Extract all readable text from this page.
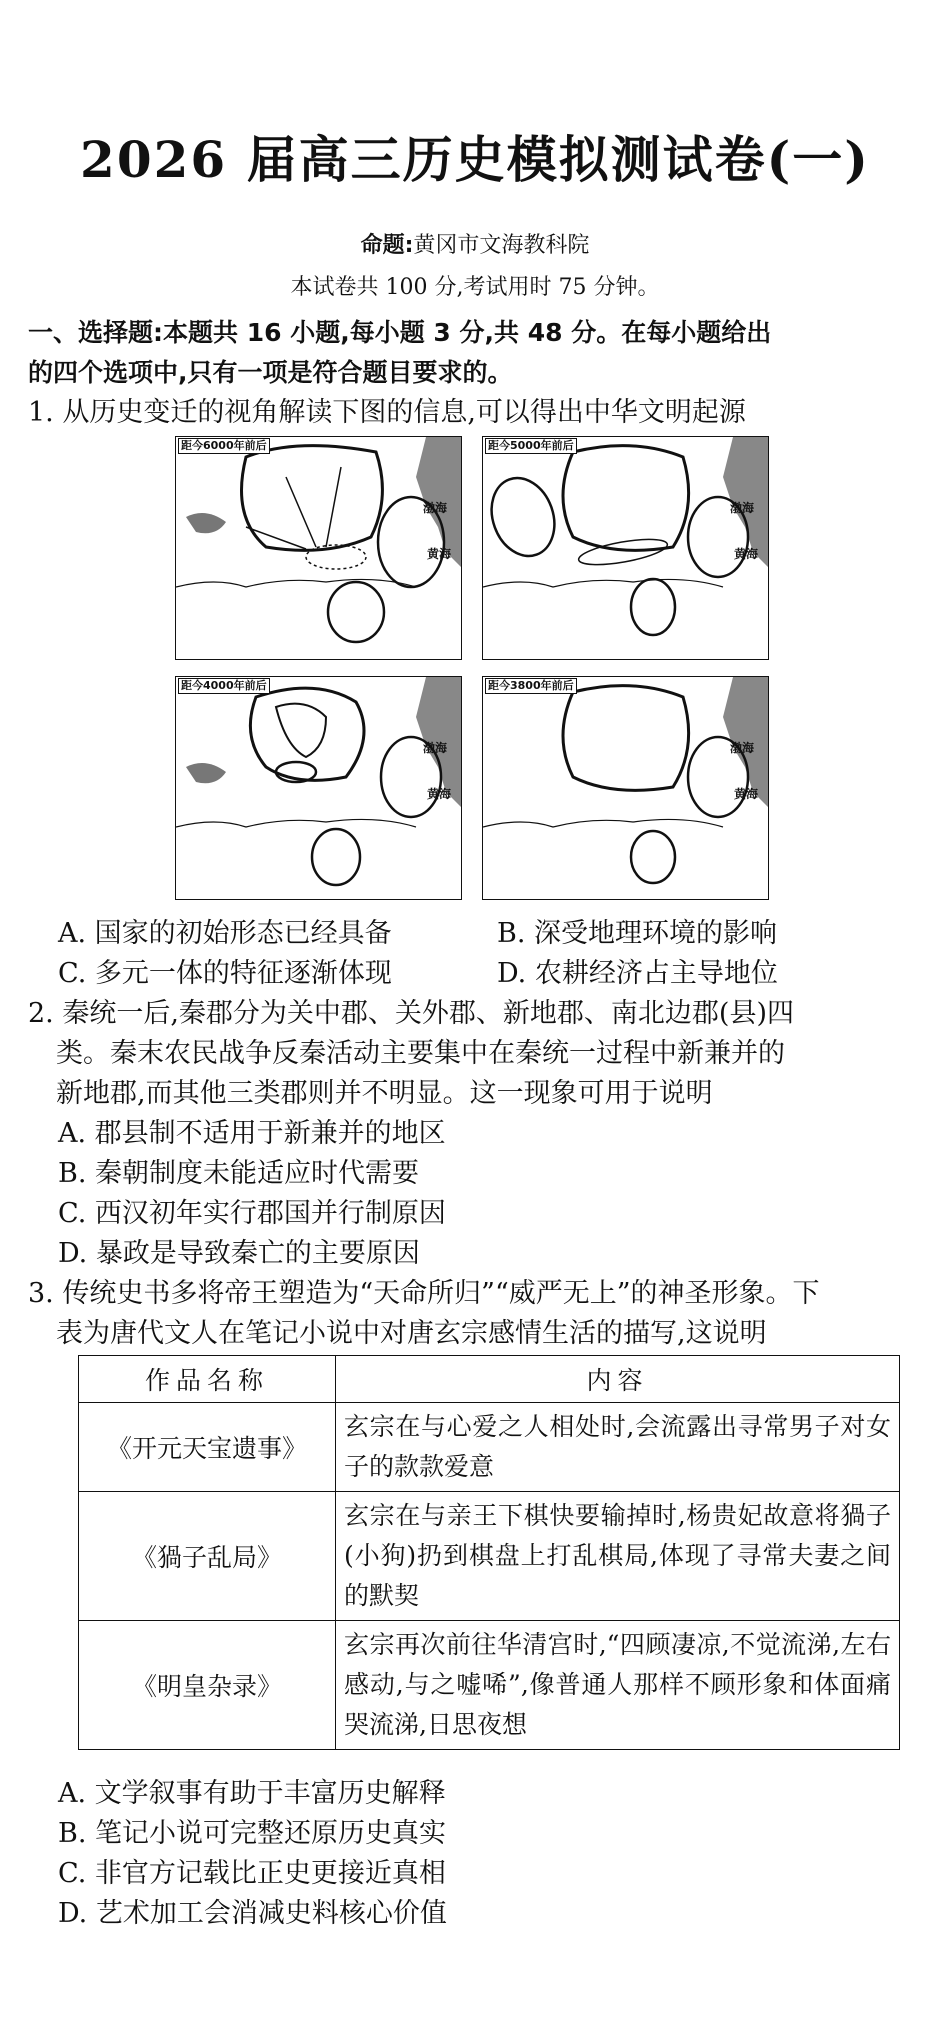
2026 届高三历史模拟测试卷(一)
命题:黄冈市文海教科院
本试卷共 100 分,考试用时 75 分钟。
一、选择题:本题共 16 小题,每小题 3 分,共 48 分。在每小题给出
的四个选项中,只有一项是符合题目要求的。
1. 从历史变迁的视角解读下图的信息,可以得出中华文明起源
距今6000年前后
渤海
黄海
距今5000年前后
渤海
黄海
距今4000年前后
渤海
黄海
距今3800年前后
渤海
黄海
A. 国家的初始形态已经具备	B. 深受地理环境的影响
C. 多元一体的特征逐渐体现	D. 农耕经济占主导地位
2. 秦统一后,秦郡分为关中郡、关外郡、新地郡、南北边郡(县)四
类。秦末农民战争反秦活动主要集中在秦统一过程中新兼并的
新地郡,而其他三类郡则并不明显。这一现象可用于说明
A. 郡县制不适用于新兼并的地区
B. 秦朝制度未能适应时代需要
C. 西汉初年实行郡国并行制原因
D. 暴政是导致秦亡的主要原因
3. 传统史书多将帝王塑造为“天命所归”“威严无上”的神圣形象。下
表为唐代文人在笔记小说中对唐玄宗感情生活的描写,这说明
作品名称	内容
《开元天宝遗事》	玄宗在与心爱之人相处时,会流露出寻常男子对女子的款款爱意
《猧子乱局》	玄宗在与亲王下棋快要输掉时,杨贵妃故意将猧子(小狗)扔到棋盘上打乱棋局,体现了寻常夫妻之间的默契
《明皇杂录》	玄宗再次前往华清宫时,“四顾凄凉,不觉流涕,左右感动,与之嘘唏”,像普通人那样不顾形象和体面痛哭流涕,日思夜想
A. 文学叙事有助于丰富历史解释
B. 笔记小说可完整还原历史真实
C. 非官方记载比正史更接近真相
D. 艺术加工会消减史料核心价值
